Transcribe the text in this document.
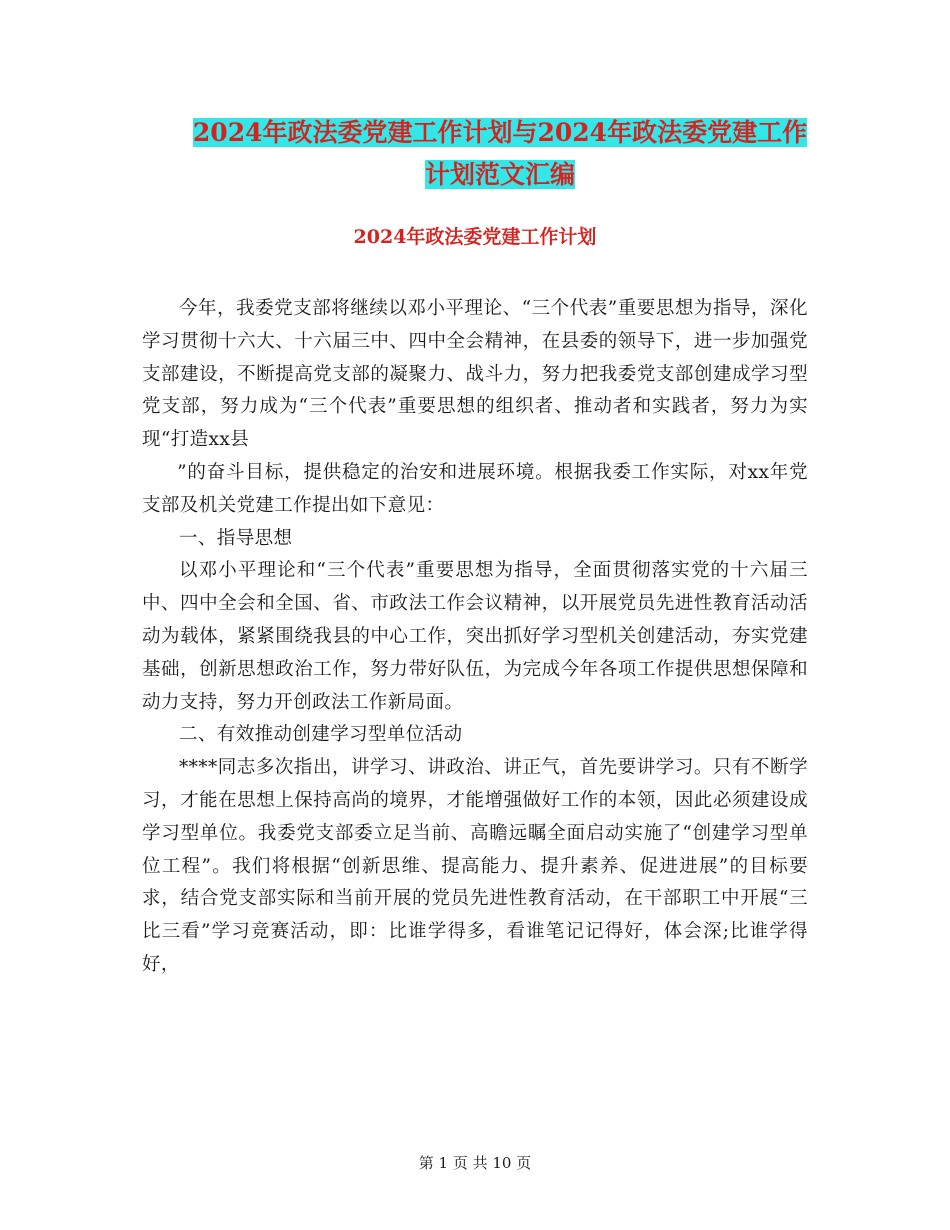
2024年政法委党建工作计划与2024年政法委党建工作
计划范文汇编
2024年政法委党建工作计划

今年，我委党支部将继续以邓小平理论、“三个代表”重要思想为指导，深化学习贯彻十六大、十六届三中、四中全会精神，在县委的领导下，进一步加强党支部建设，不断提高党支部的凝聚力、战斗力，努力把我委党支部创建成学习型党支部，努力成为“三个代表”重要思想的组织者、推动者和实践者，努力为实现“打造xx县

”的奋斗目标，提供稳定的治安和进展环境。根据我委工作实际，对xx年党支部及机关党建工作提出如下意见：

一、指导思想

以邓小平理论和“三个代表”重要思想为指导，全面贯彻落实党的十六届三中、四中全会和全国、省、市政法工作会议精神，以开展党员先进性教育活动活动为载体，紧紧围绕我县的中心工作，突出抓好学习型机关创建活动，夯实党建基础，创新思想政治工作，努力带好队伍，为完成今年各项工作提供思想保障和动力支持，努力开创政法工作新局面。

二、有效推动创建学习型单位活动

****同志多次指出，讲学习、讲政治、讲正气，首先要讲学习。只有不断学习，才能在思想上保持高尚的境界，才能增强做好工作的本领，因此必须建设成学习型单位。我委党支部委立足当前、高瞻远瞩全面启动实施了“创建学习型单位工程”。我们将根据“创新思维、提高能力、提升素养、促进进展”的目标要求，结合党支部实际和当前开展的党员先进性教育活动，在干部职工中开展“三比三看”学习竞赛活动，即：比谁学得多，看谁笔记记得好，体会深;比谁学得好，

第 1 页 共 10 页
